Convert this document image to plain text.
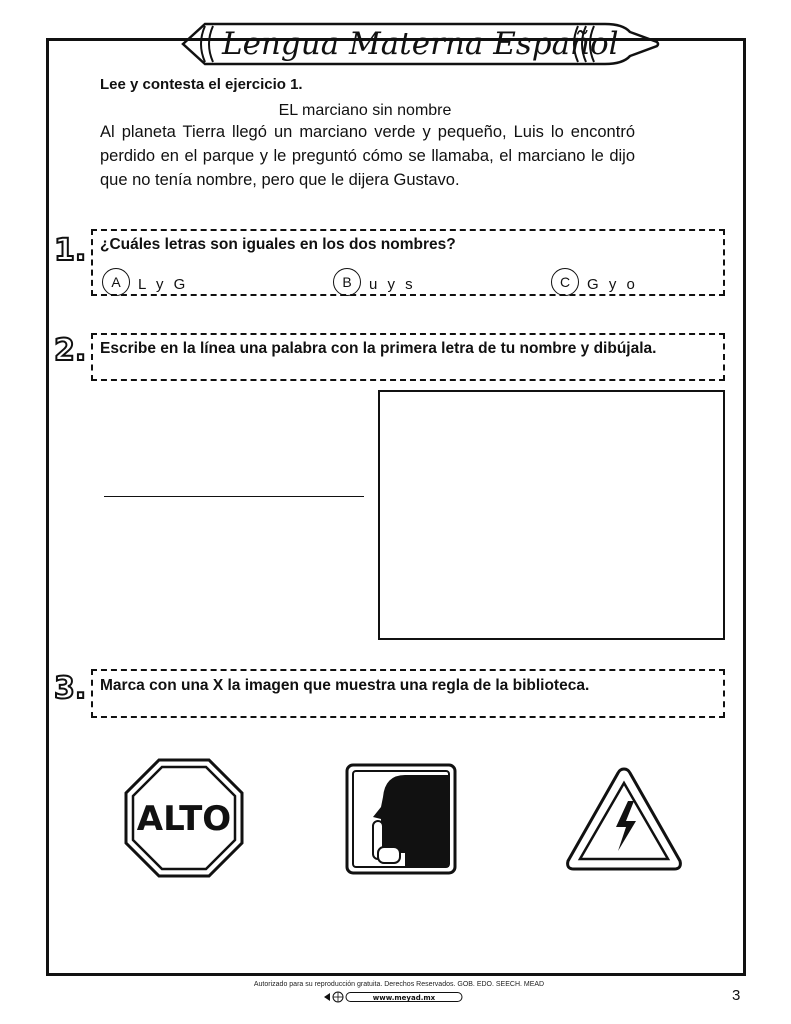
Lengua Materna Español
Lee y contesta el ejercicio 1.
EL marciano sin nombre
Al planeta Tierra llegó un marciano verde y pequeño, Luis lo encontró perdido en el parque y le preguntó cómo se llamaba, el marciano le dijo que no tenía nombre, pero que le dijera Gustavo.
1. ¿Cuáles letras son iguales en los dos nombres?
A	L y G	B	u y s	C	G y o
2. Escribe en la línea una palabra con la primera letra de tu nombre y dibújala.
3. Marca con una X la imagen que muestra una regla de la biblioteca.
ALTO
Autorizado para su reproducción gratuita. Derechos Reservados. GOB. EDO. SEECH. MEAD
www.meyad.mx	3
